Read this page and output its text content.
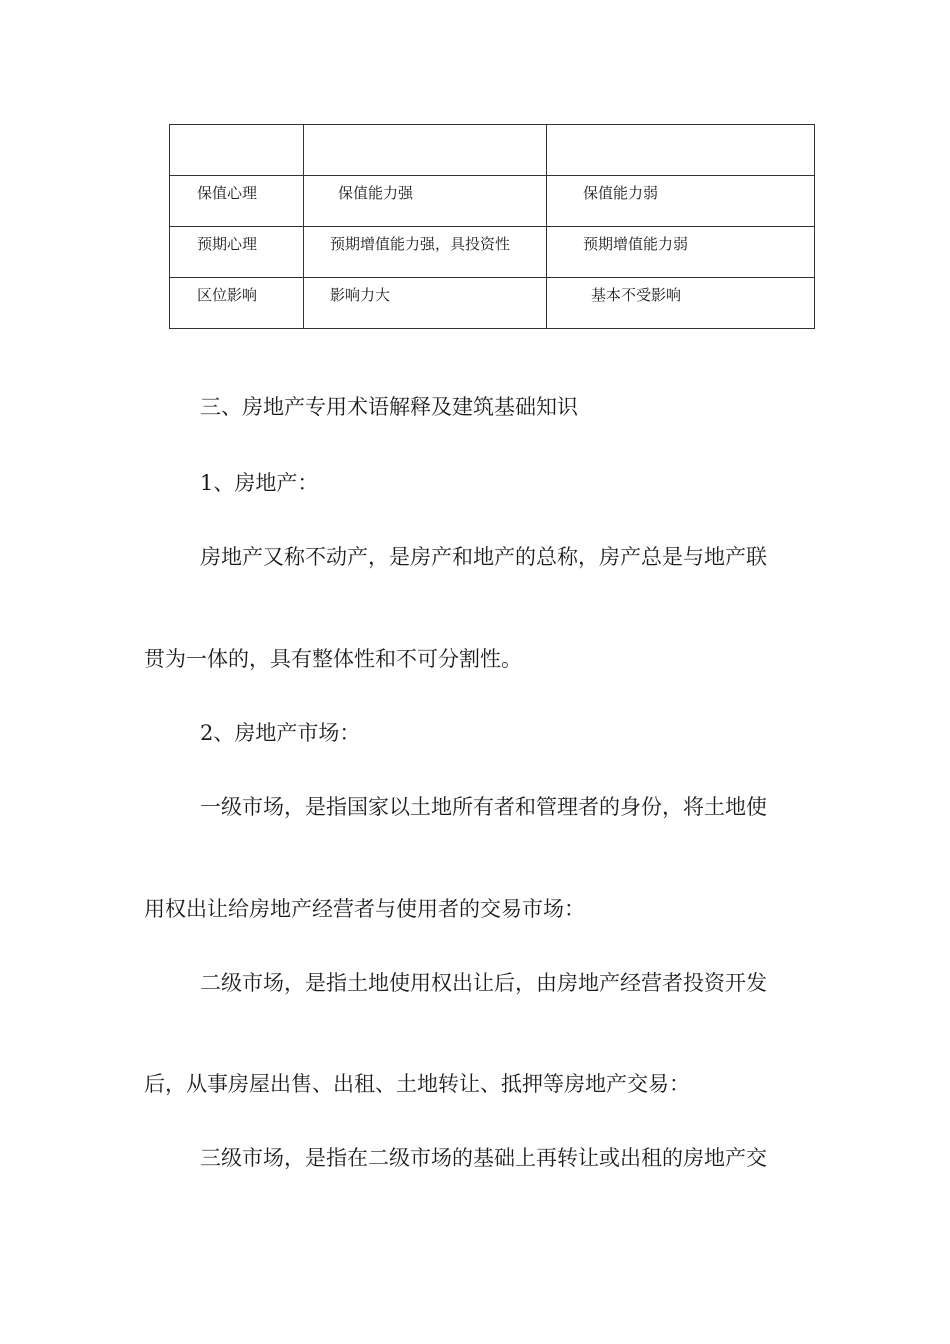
保值心理	保值能力强	保值能力弱
预期心理	预期增值能力强，具投资性	预期增值能力弱
区位影响	影响力大	基本不受影响

三、房地产专用术语解释及建筑基础知识

1、房地产：

房地产又称不动产，是房产和地产的总称，房产总是与地产联

贯为一体的，具有整体性和不可分割性。

2、房地产市场：

一级市场，是指国家以土地所有者和管理者的身份，将土地使

用权出让给房地产经营者与使用者的交易市场：

二级市场，是指土地使用权出让后，由房地产经营者投资开发

后，从事房屋出售、出租、土地转让、抵押等房地产交易：

三级市场，是指在二级市场的基础上再转让或出租的房地产交
